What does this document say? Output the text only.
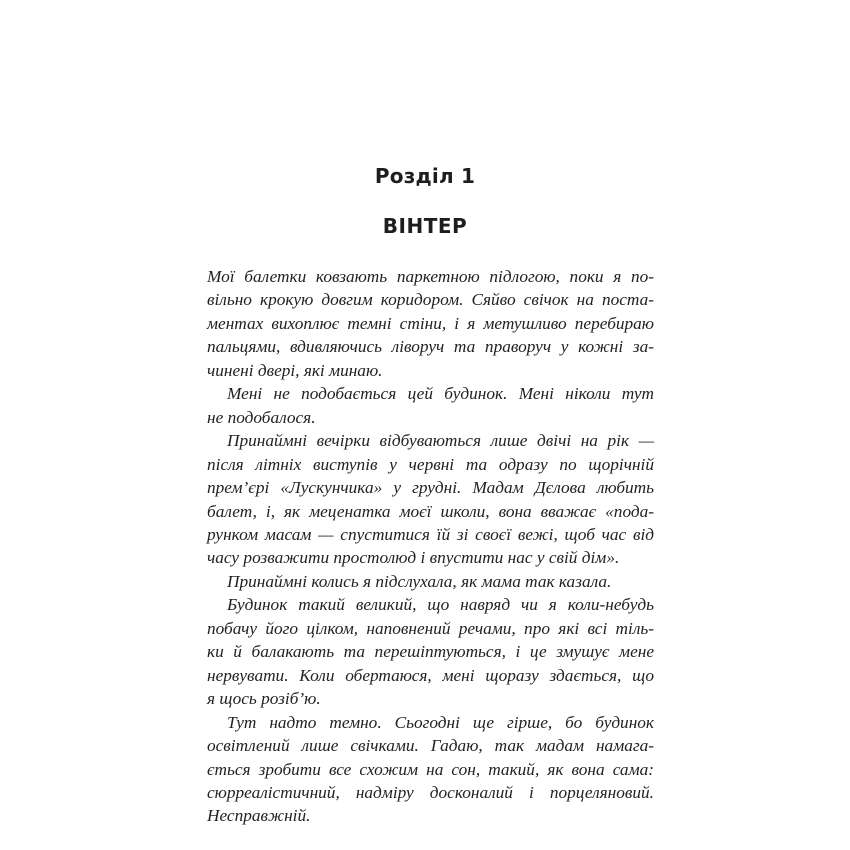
Розділ 1
ВІНТЕР
Мої балетки ковзають паркетною підлогою, поки я по-
вільно крокую довгим коридором. Сяйво свічок на поста-
ментах вихоплює темні стіни, і я метушливо перебираю
пальцями, вдивляючись ліворуч та праворуч у кожні за-
чинені двері, які минаю.
Мені не подобається цей будинок. Мені ніколи тут
не подобалося.
Принаймні вечірки відбуваються лише двічі на рік —
після літніх виступів у червні та одразу по щорічній
прем’єрі «Лускунчика» у грудні. Мадам Дєлова любить
балет, і, як меценатка моєї школи, вона вважає «пода-
рунком масам — спуститися їй зі своєї вежі, щоб час від
часу розважити простолюд і впустити нас у свій дім».
Принаймні колись я підслухала, як мама так казала.
Будинок такий великий, що навряд чи я коли-небудь
побачу його цілком, наповнений речами, про які всі тіль-
ки й балакають та перешіптуються, і це змушує мене
нервувати. Коли обертаюся, мені щоразу здається, що
я щось розіб’ю.
Тут надто темно. Сьогодні ще гірше, бо будинок
освітлений лише свічками. Гадаю, так мадам намага-
ється зробити все схожим на сон, такий, як вона сама:
сюрреалістичний, надміру досконалий і порцеляновий.
Несправжній.
